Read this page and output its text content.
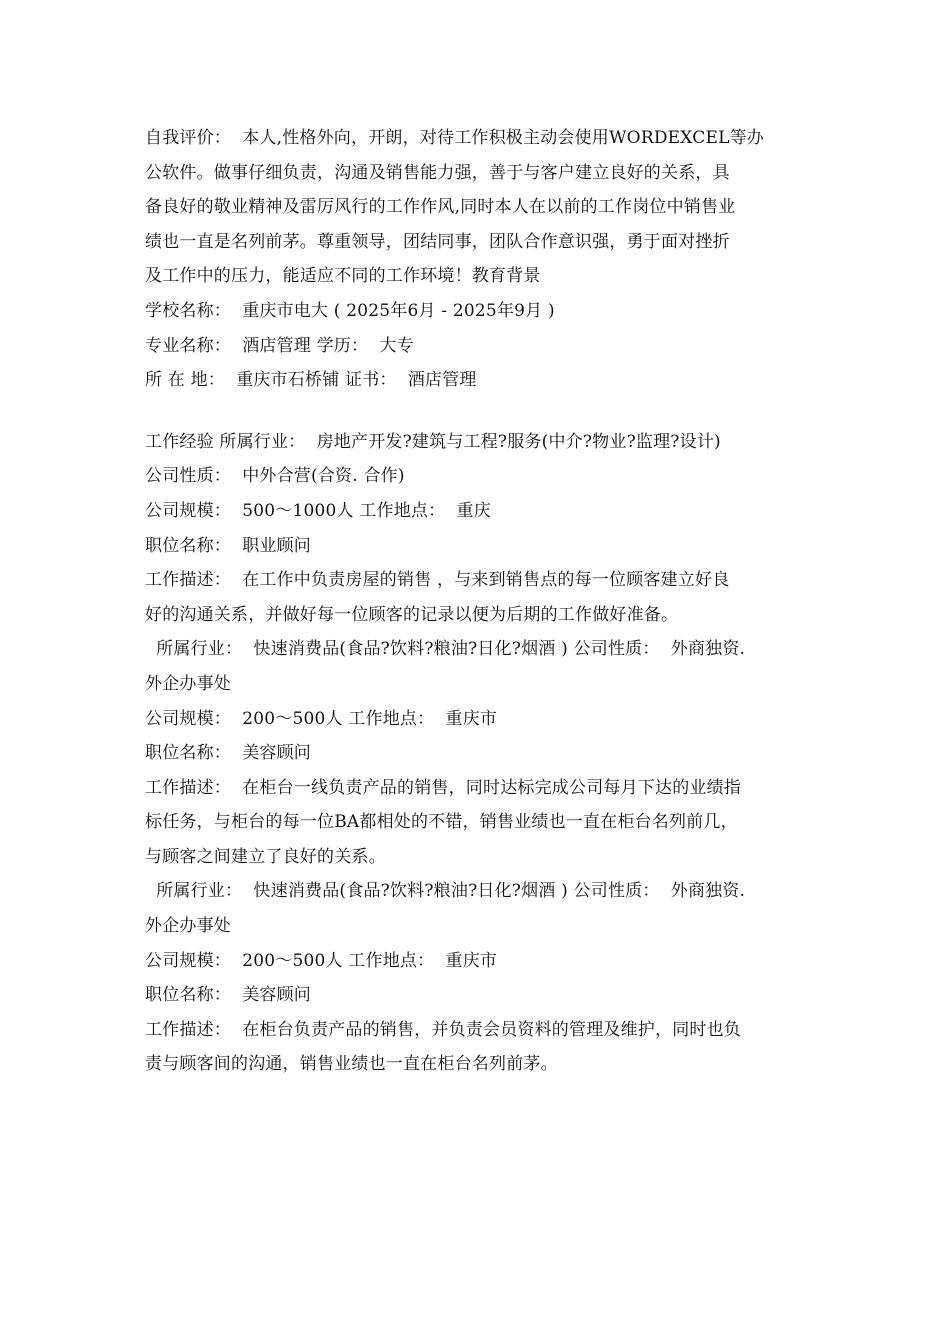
自我评价：  本人,性格外向，开朗，对待工作积极主动会使用WORDEXCEL等办
公软件。做事仔细负责，沟通及销售能力强，善于与客户建立良好的关系，具
备良好的敬业精神及雷厉风行的工作作风,同时本人在以前的工作岗位中销售业
绩也一直是名列前茅。尊重领导，团结同事，团队合作意识强，勇于面对挫折
及工作中的压力，能适应不同的工作环境！教育背景
学校名称：  重庆市电大 ( 2025年6月 - 2025年9月 )
专业名称：  酒店管理 学历：  大专
所 在 地：  重庆市石桥铺 证书：  酒店管理
工作经验 所属行业：  房地产开发?建筑与工程?服务(中介?物业?监理?设计)
公司性质：  中外合营(合资. 合作)
公司规模：  500～1000人 工作地点：  重庆
职位名称：  职业顾问
工作描述：  在工作中负责房屋的销售 ，与来到销售点的每一位顾客建立好良
好的沟通关系，并做好每一位顾客的记录以便为后期的工作做好准备。
所属行业：  快速消费品(食品?饮料?粮油?日化?烟酒 ) 公司性质：  外商独资.
外企办事处
公司规模：  200～500人 工作地点：  重庆市
职位名称：  美容顾问
工作描述：  在柜台一线负责产品的销售，同时达标完成公司每月下达的业绩指
标任务，与柜台的每一位BA都相处的不错，销售业绩也一直在柜台名列前几，
与顾客之间建立了良好的关系。
所属行业：  快速消费品(食品?饮料?粮油?日化?烟酒 ) 公司性质：  外商独资.
外企办事处
公司规模：  200～500人 工作地点：  重庆市
职位名称：  美容顾问
工作描述：  在柜台负责产品的销售，并负责会员资料的管理及维护，同时也负
责与顾客间的沟通，销售业绩也一直在柜台名列前茅。
